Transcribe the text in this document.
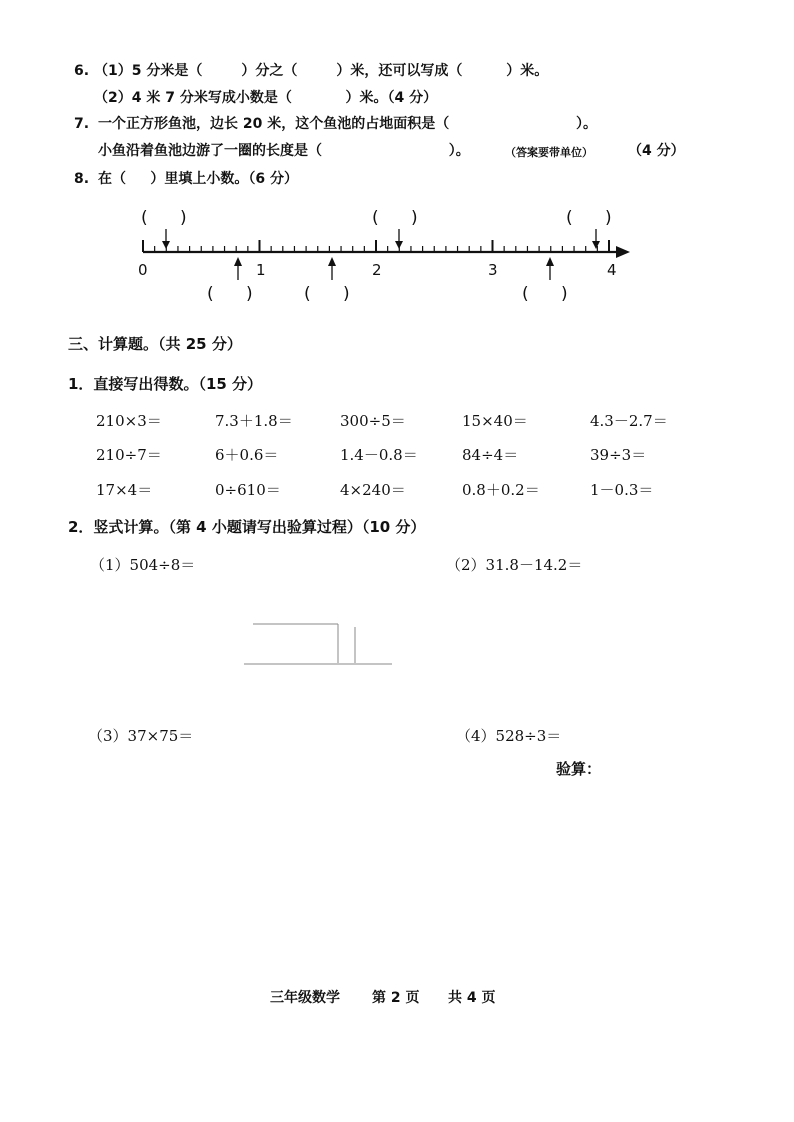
6. （1）5 分米是（        ）分之（        ）米，还可以写成（         ）米。
（2）4 米 7 分米写成小数是（           ）米。（4 分）
7. 一个正方形鱼池，边长 20 米，这个鱼池的占地面积是（                          ）。
小鱼沿着鱼池边游了一圈的长度是（                          ）。	（答案要带单位）	（4 分）
8. 在（     ）里填上小数。（6 分）
0	1	2	3	4
(      )	(      )	(      )
(      )	(      )	(      )
三、计算题。（共 25 分）
1．直接写出得数。（15 分）
210×3＝	7.3＋1.8＝	300÷5＝	15×40＝	4.3－2.7＝
210÷7＝	6＋0.6＝	1.4－0.8＝	84÷4＝	39÷3＝
17×4＝	0÷610＝	4×240＝	0.8＋0.2＝	1－0.3＝
2．竖式计算。（第 4 小题请写出验算过程）（10 分）
（1）504÷8＝	（2）31.8－14.2＝
（3）37×75＝	（4）528÷3＝
验算：
三年级数学 第 2 页 共 4 页
